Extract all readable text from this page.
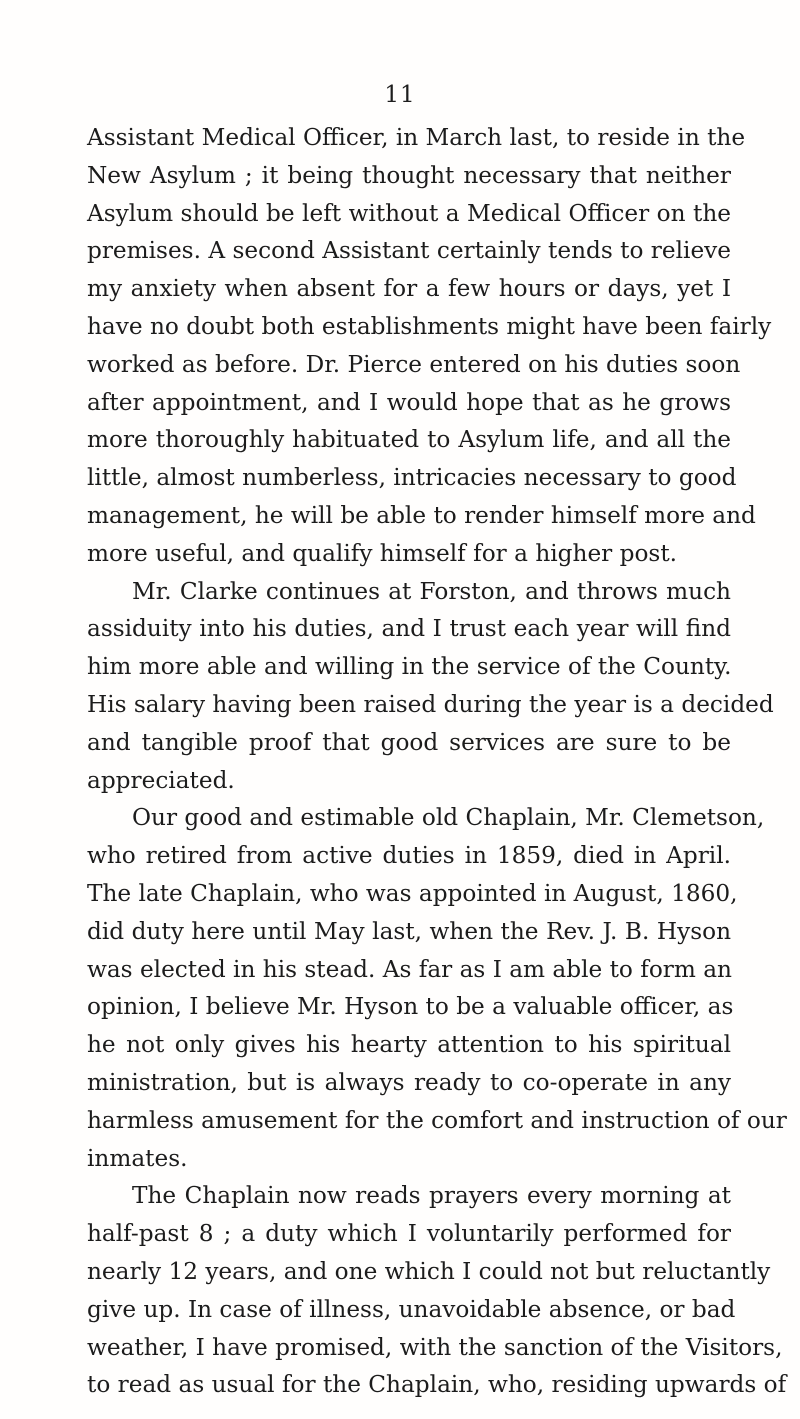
11
Assistant Medical Officer, in March last, to reside in the
New Asylum ; it being thought necessary that neither
Asylum should be left without a Medical Officer on the
premises. A second Assistant certainly tends to relieve
my anxiety when absent for a few hours or days, yet I
have no doubt both establishments might have been fairly
worked as before. Dr. Pierce entered on his duties soon
after appointment, and I would hope that as he grows
more thoroughly habituated to Asylum life, and all the
little, almost numberless, intricacies necessary to good
management, he will be able to render himself more and
more useful, and qualify himself for a higher post.
Mr. Clarke continues at Forston, and throws much
assiduity into his duties, and I trust each year will find
him more able and willing in the service of the County.
His salary having been raised during the year is a decided
and tangible proof that good services are sure to be
appreciated.
Our good and estimable old Chaplain, Mr. Clemetson,
who retired from active duties in 1859, died in April.
The late Chaplain, who was appointed in August, 1860,
did duty here until May last, when the Rev. J. B. Hyson
was elected in his stead. As far as I am able to form an
opinion, I believe Mr. Hyson to be a valuable officer, as
he not only gives his hearty attention to his spiritual
ministration, but is always ready to co-operate in any
harmless amusement for the comfort and instruction of our
inmates.
The Chaplain now reads prayers every morning at
half-past 8 ; a duty which I voluntarily performed for
nearly 12 years, and one which I could not but reluctantly
give up. In case of illness, unavoidable absence, or bad
weather, I have promised, with the sanction of the Visitors,
to read as usual for the Chaplain, who, residing upwards of
